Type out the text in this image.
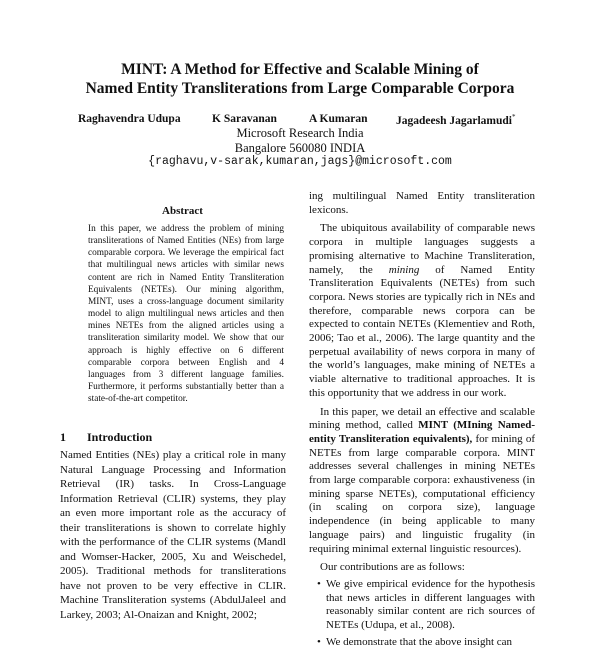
MINT: A Method for Effective and Scalable Mining of
Named Entity Transliterations from Large Comparable Corpora
Raghavendra Udupa	K Saravanan	A Kumaran Jagadeesh Jagarlamudi*
Microsoft Research India
Bangalore 560080 INDIA
{raghavu,v-sarak,kumaran,jags}@microsoft.com
Abstract

In this paper, we address the problem of mining transliterations of Named Entities (NEs) from large comparable corpora. We leverage the empirical fact that multilingual news articles with similar news content are rich in Named Entity Transliteration Equivalents (NETEs). Our mining algorithm, MINT, uses a cross-language document similarity model to align multilingual news articles and then mines NETEs from the aligned articles using a transliteration similarity model. We show that our approach is highly effective on 6 different comparable corpora between English and 4 languages from 3 different language families. Furthermore, it performs substantially better than a state-of-the-art competitor.

1 Introduction

Named Entities (NEs) play a critical role in many Natural Language Processing and Information Retrieval (IR) tasks. In Cross-Language Information Retrieval (CLIR) systems, they play an even more important role as the accuracy of their transliterations is shown to correlate highly with the performance of the CLIR systems (Mandl and Womser-Hacker, 2005, Xu and Weischedel, 2005). Traditional methods for transliterations have not proven to be very effective in CLIR. Machine Transliteration systems (AbdulJaleel and Larkey, 2003; Al-Onaizan and Knight, 2002;

ing multilingual Named Entity transliteration lexicons.

The ubiquitous availability of comparable news corpora in multiple languages suggests a promising alternative to Machine Transliteration, namely, the mining of Named Entity Transliteration Equivalents (NETEs) from such corpora. News stories are typically rich in NEs and therefore, comparable news corpora can be expected to contain NETEs (Klementiev and Roth, 2006; Tao et al., 2006). The large quantity and the perpetual availability of news corpora in many of the world’s languages, make mining of NETEs a viable alternative to traditional approaches. It is this opportunity that we address in our work.

In this paper, we detail an effective and scalable mining method, called MINT (MIning Named-entity Transliteration equivalents), for mining of NETEs from large comparable corpora. MINT addresses several challenges in mining NETEs from large comparable corpora: exhaustiveness (in mining sparse NETEs), computational efficiency (in scaling on corpora size), language independence (in being applicable to many language pairs) and linguistic frugality (in requiring minimal external linguistic resources).

Our contributions are as follows:

• We give empirical evidence for the hypothesis that news articles in different languages with reasonably similar content are rich sources of NETEs (Udupa, et al., 2008).

• We demonstrate that the above insight can
